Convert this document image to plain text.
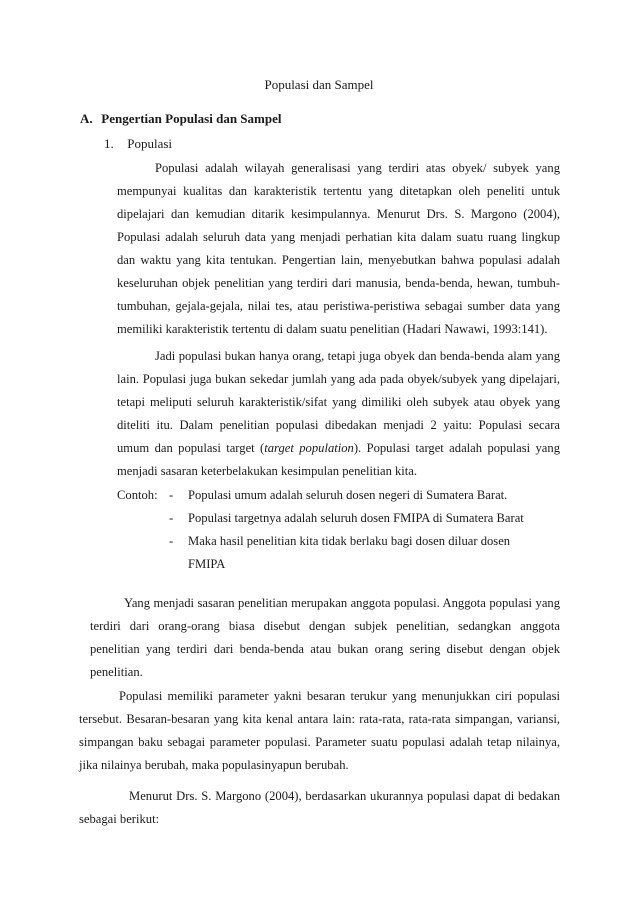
Populasi dan Sampel
A. Pengertian Populasi dan Sampel
1. Populasi

Populasi adalah wilayah generalisasi yang terdiri atas obyek/ subyek yang mempunyai kualitas dan karakteristik tertentu yang ditetapkan oleh peneliti untuk dipelajari dan kemudian ditarik kesimpulannya. Menurut Drs. S. Margono (2004), Populasi adalah seluruh data yang menjadi perhatian kita dalam suatu ruang lingkup dan waktu yang kita tentukan. Pengertian lain, menyebutkan bahwa populasi adalah keseluruhan objek penelitian yang terdiri dari manusia, benda-benda, hewan, tumbuh-tumbuhan, gejala-gejala, nilai tes, atau peristiwa-peristiwa sebagai sumber data yang memiliki karakteristik tertentu di dalam suatu penelitian (Hadari Nawawi, 1993:141).

Jadi populasi bukan hanya orang, tetapi juga obyek dan benda-benda alam yang lain. Populasi juga bukan sekedar jumlah yang ada pada obyek/subyek yang dipelajari, tetapi meliputi seluruh karakteristik/sifat yang dimiliki oleh subyek atau obyek yang diteliti itu. Dalam penelitian populasi dibedakan menjadi 2 yaitu: Populasi secara umum dan populasi target (target population). Populasi target adalah populasi yang menjadi sasaran keterbelakukan kesimpulan penelitian kita.

Contoh: -	Populasi umum adalah seluruh dosen negeri di Sumatera Barat.
-	Populasi targetnya adalah seluruh dosen FMIPA di Sumatera Barat
-	Maka hasil penelitian kita tidak berlaku bagi dosen diluar dosen
FMIPA

Yang menjadi sasaran penelitian merupakan anggota populasi. Anggota populasi yang terdiri dari orang-orang biasa disebut dengan subjek penelitian, sedangkan anggota penelitian yang terdiri dari benda-benda atau bukan orang sering disebut dengan objek penelitian.

Populasi memiliki parameter yakni besaran terukur yang menunjukkan ciri populasi tersebut. Besaran-besaran yang kita kenal antara lain: rata-rata, rata-rata simpangan, variansi, simpangan baku sebagai parameter populasi. Parameter suatu populasi adalah tetap nilainya, jika nilainya berubah, maka populasinyapun berubah.

Menurut Drs. S. Margono (2004), berdasarkan ukurannya populasi dapat di bedakan sebagai berikut:
